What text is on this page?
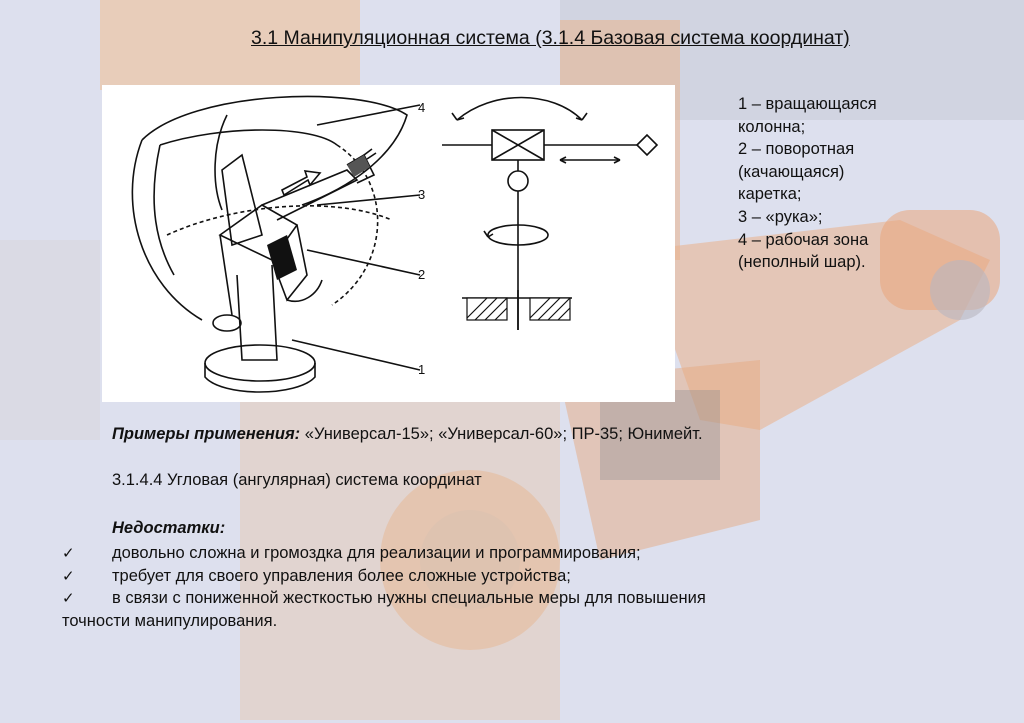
3.1 Манипуляционная система (3.1.4 Базовая система координат)
4
3
2
1
1 – вращающаяся
колонна;
2 – поворотная
(качающаяся)
каретка;
3 – «рука»;
4 – рабочая зона
(неполный шар).
Примеры применения: «Универсал-15»; «Универсал-60»; ПР-35; Юнимейт.
3.1.4.4 Угловая (ангулярная) система координат
Недостатки:
✓ довольно сложна и громоздка для реализации и программирования;
✓ требует для своего управления более сложные устройства;
✓ в связи с пониженной жесткостью нужны специальные меры для повышения
точности манипулирования.
